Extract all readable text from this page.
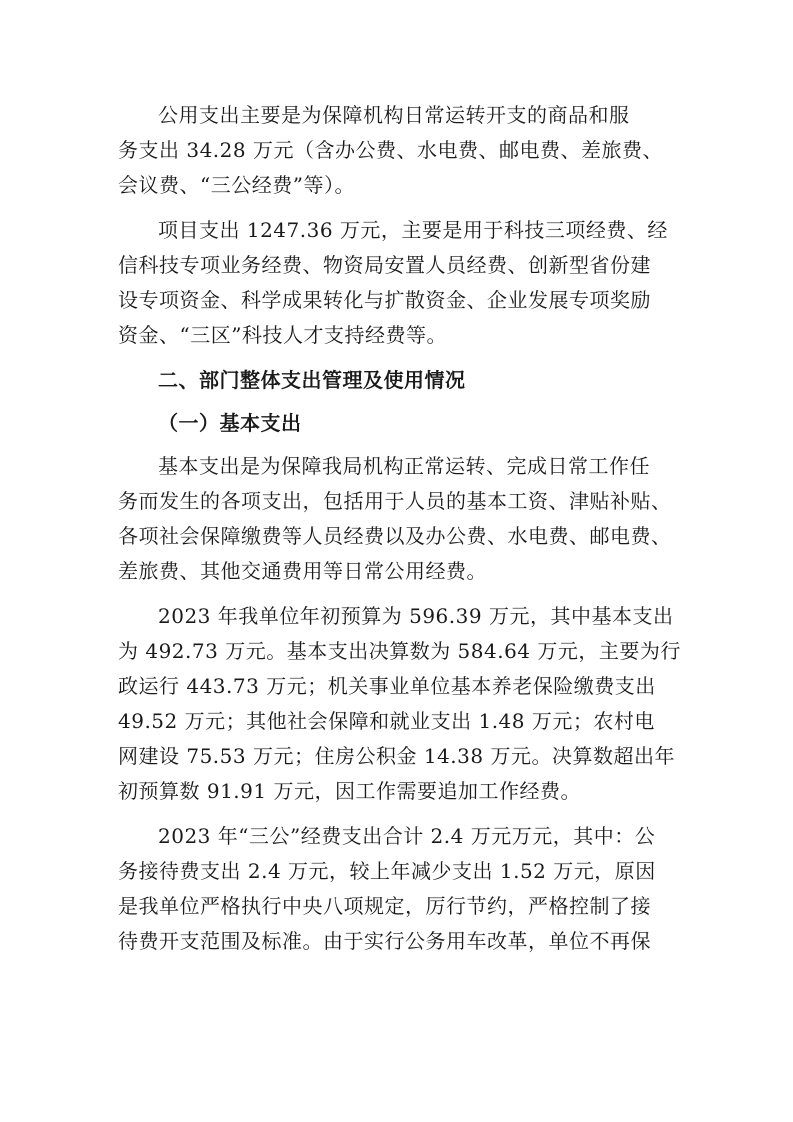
公用支出主要是为保障机构日常运转开支的商品和服
务支出 34.28 万元（含办公费、水电费、邮电费、差旅费、
会议费、“三公经费”等）。
项目支出 1247.36 万元，主要是用于科技三项经费、经
信科技专项业务经费、物资局安置人员经费、创新型省份建
设专项资金、科学成果转化与扩散资金、企业发展专项奖励
资金、“三区”科技人才支持经费等。
二、部门整体支出管理及使用情况
（一）基本支出
基本支出是为保障我局机构正常运转、完成日常工作任
务而发生的各项支出，包括用于人员的基本工资、津贴补贴、
各项社会保障缴费等人员经费以及办公费、水电费、邮电费、
差旅费、其他交通费用等日常公用经费。
2023 年我单位年初预算为 596.39 万元，其中基本支出
为 492.73 万元。基本支出决算数为 584.64 万元，主要为行
政运行 443.73 万元；机关事业单位基本养老保险缴费支出
49.52 万元；其他社会保障和就业支出 1.48 万元；农村电
网建设 75.53 万元；住房公积金 14.38 万元。决算数超出年
初预算数 91.91 万元，因工作需要追加工作经费。
2023 年“三公”经费支出合计 2.4 万元万元，其中：公
务接待费支出 2.4 万元，较上年减少支出 1.52 万元，原因
是我单位严格执行中央八项规定，厉行节约，严格控制了接
待费开支范围及标准。由于实行公务用车改革，单位不再保
